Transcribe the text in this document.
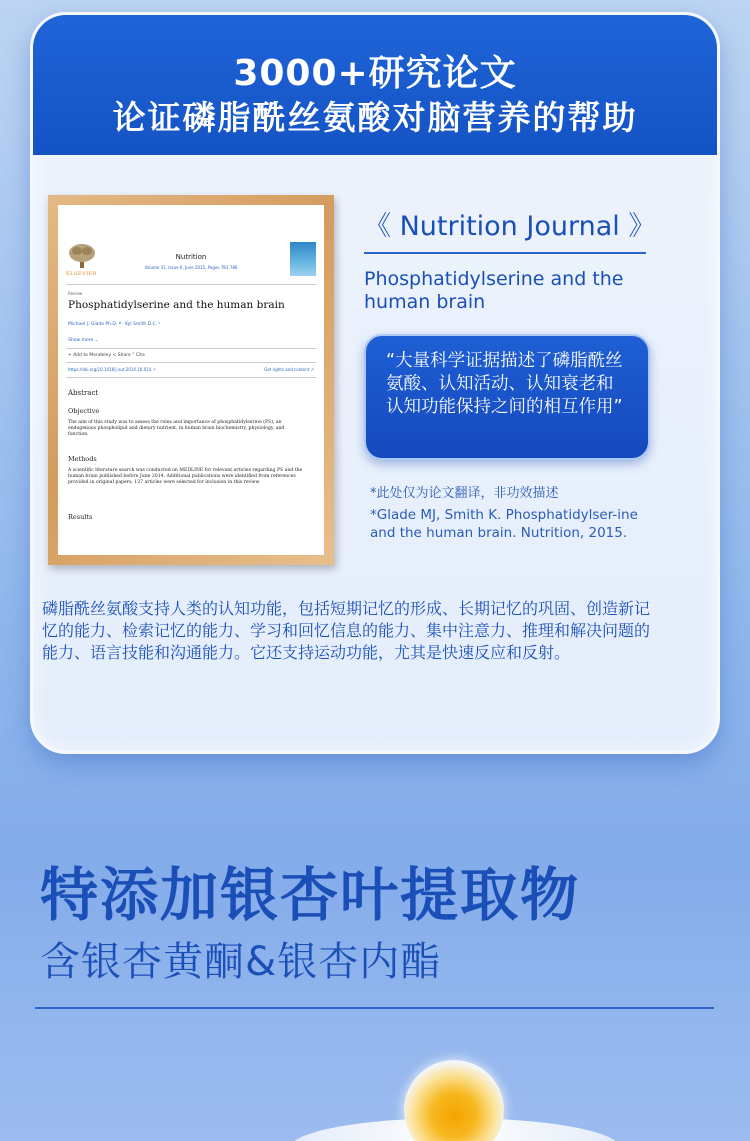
3000+研究论文
论证磷脂酰丝氨酸对脑营养的帮助
ELSEVIER
Nutrition
Volume 31, Issue 6, June 2015, Pages 781-786
Review
Phosphatidylserine and the human brain
Michael J. Glade Ph.D. ª · Kyl Smith D.C. ᵇ
Show more ⌄
+ Add to Mendeley < Share ” Cite
https://doi.org/10.1016/j.nut.2014.10.014 ↗	Get rights and content ↗
Abstract
Objective
The aim of this study was to assess the roles and importance of phosphatidylserine (PS), an endogenous phospholipid and dietary nutrient, in human brain biochemistry, physiology, and function.
Methods
A scientific literature search was conducted on MEDLINE for relevant articles regarding PS and the human brain published before June 2014. Additional publications were identified from references provided in original papers; 127 articles were selected for inclusion in this review.
Results
《 Nutrition Journal 》
Phosphatidylserine and the human brain
“大量科学证据描述了磷脂酰丝氨酸、认知活动、认知衰老和认知功能保持之间的相互作用”
*此处仅为论文翻译，非功效描述
*Glade MJ, Smith K. Phosphatidylser-ine and the human brain. Nutrition, 2015.
磷脂酰丝氨酸支持人类的认知功能，包括短期记忆的形成、长期记忆的巩固、创造新记忆的能力、检索记忆的能力、学习和回忆信息的能力、集中注意力、推理和解决问题的能力、语言技能和沟通能力。它还支持运动功能，尤其是快速反应和反射。
特添加银杏叶提取物
含银杏黄酮&银杏内酯
